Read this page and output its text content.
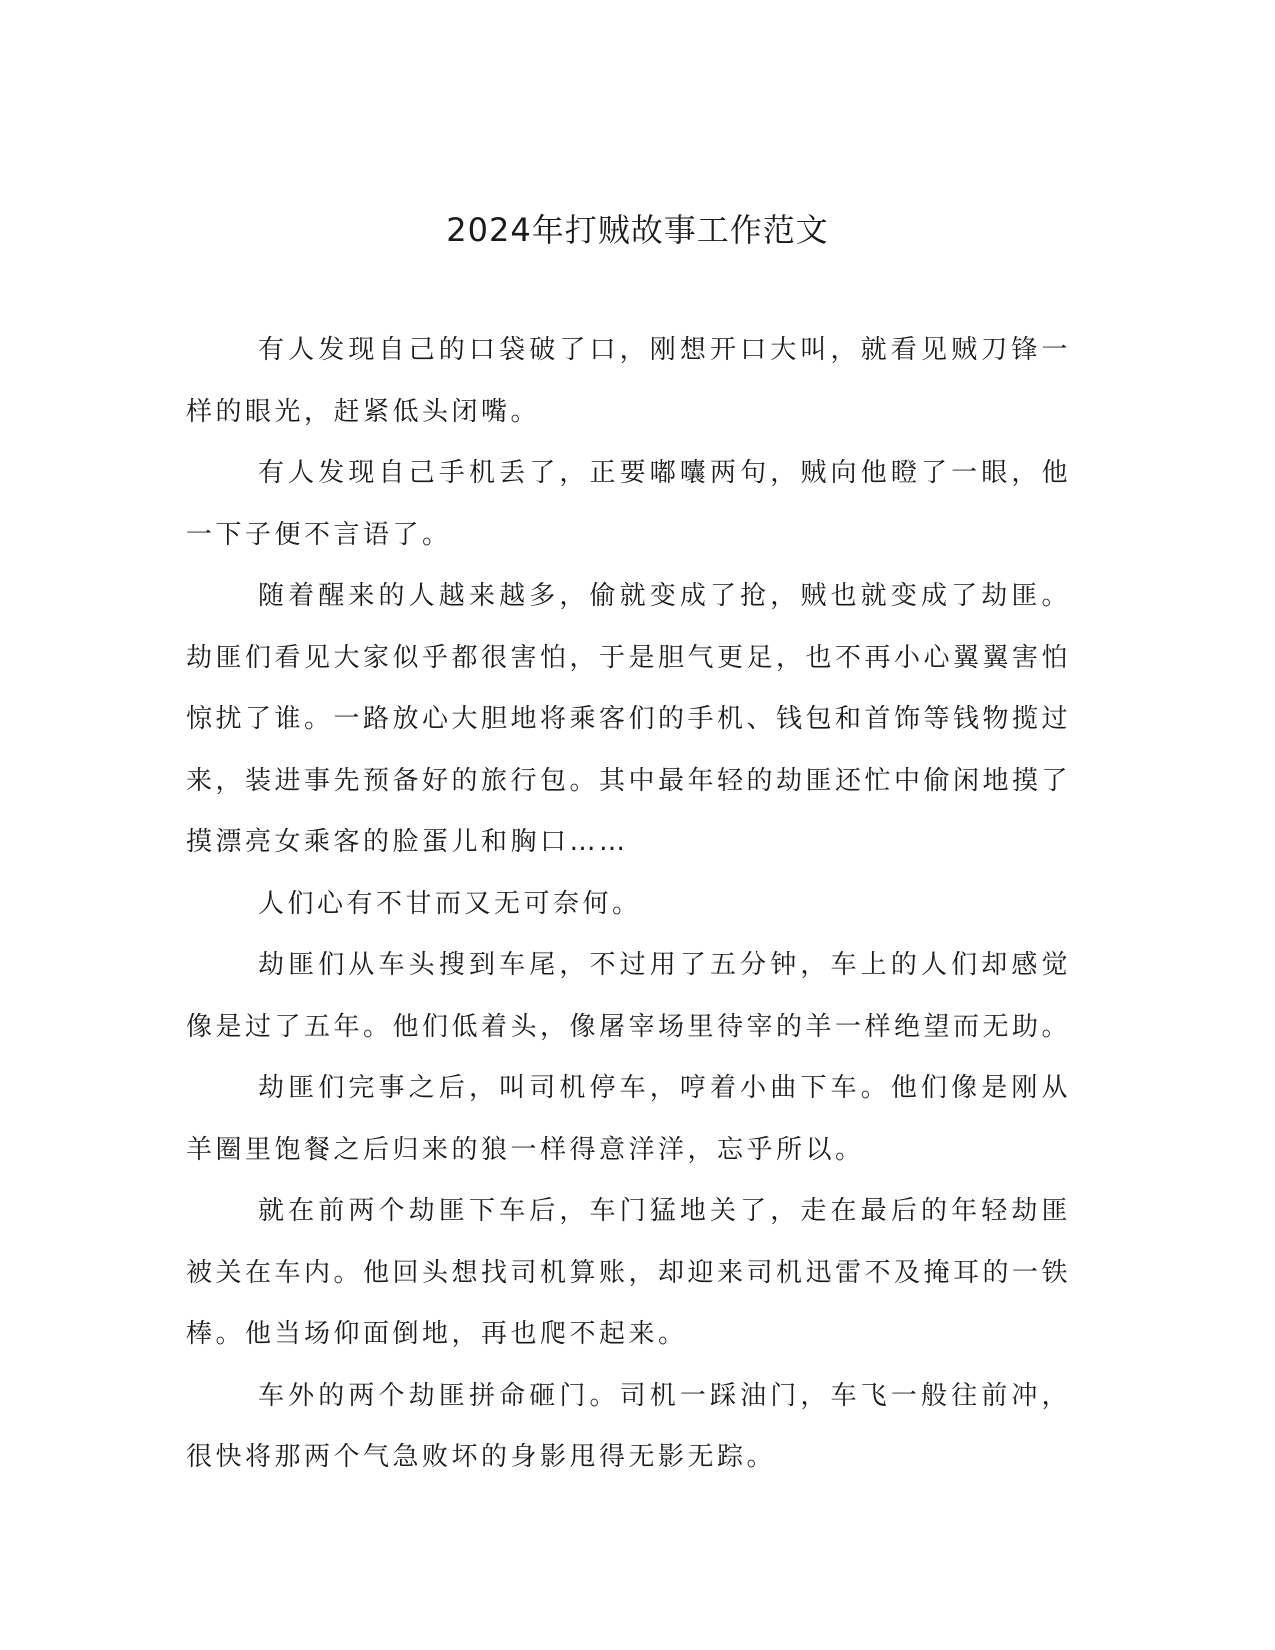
2024年打贼故事工作范文

有人发现自己的口袋破了口，刚想开口大叫，就看见贼刀锋一样的眼光，赶紧低头闭嘴。

有人发现自己手机丢了，正要嘟囔两句，贼向他瞪了一眼，他一下子便不言语了。

随着醒来的人越来越多，偷就变成了抢，贼也就变成了劫匪。劫匪们看见大家似乎都很害怕，于是胆气更足，也不再小心翼翼害怕惊扰了谁。一路放心大胆地将乘客们的手机、钱包和首饰等钱物揽过来，装进事先预备好的旅行包。其中最年轻的劫匪还忙中偷闲地摸了摸漂亮女乘客的脸蛋儿和胸口……

人们心有不甘而又无可奈何。

劫匪们从车头搜到车尾，不过用了五分钟，车上的人们却感觉像是过了五年。他们低着头，像屠宰场里待宰的羊一样绝望而无助。

劫匪们完事之后，叫司机停车，哼着小曲下车。他们像是刚从羊圈里饱餐之后归来的狼一样得意洋洋，忘乎所以。

就在前两个劫匪下车后，车门猛地关了，走在最后的年轻劫匪被关在车内。他回头想找司机算账，却迎来司机迅雷不及掩耳的一铁棒。他当场仰面倒地，再也爬不起来。

车外的两个劫匪拼命砸门。司机一踩油门，车飞一般往前冲，很快将那两个气急败坏的身影甩得无影无踪。
